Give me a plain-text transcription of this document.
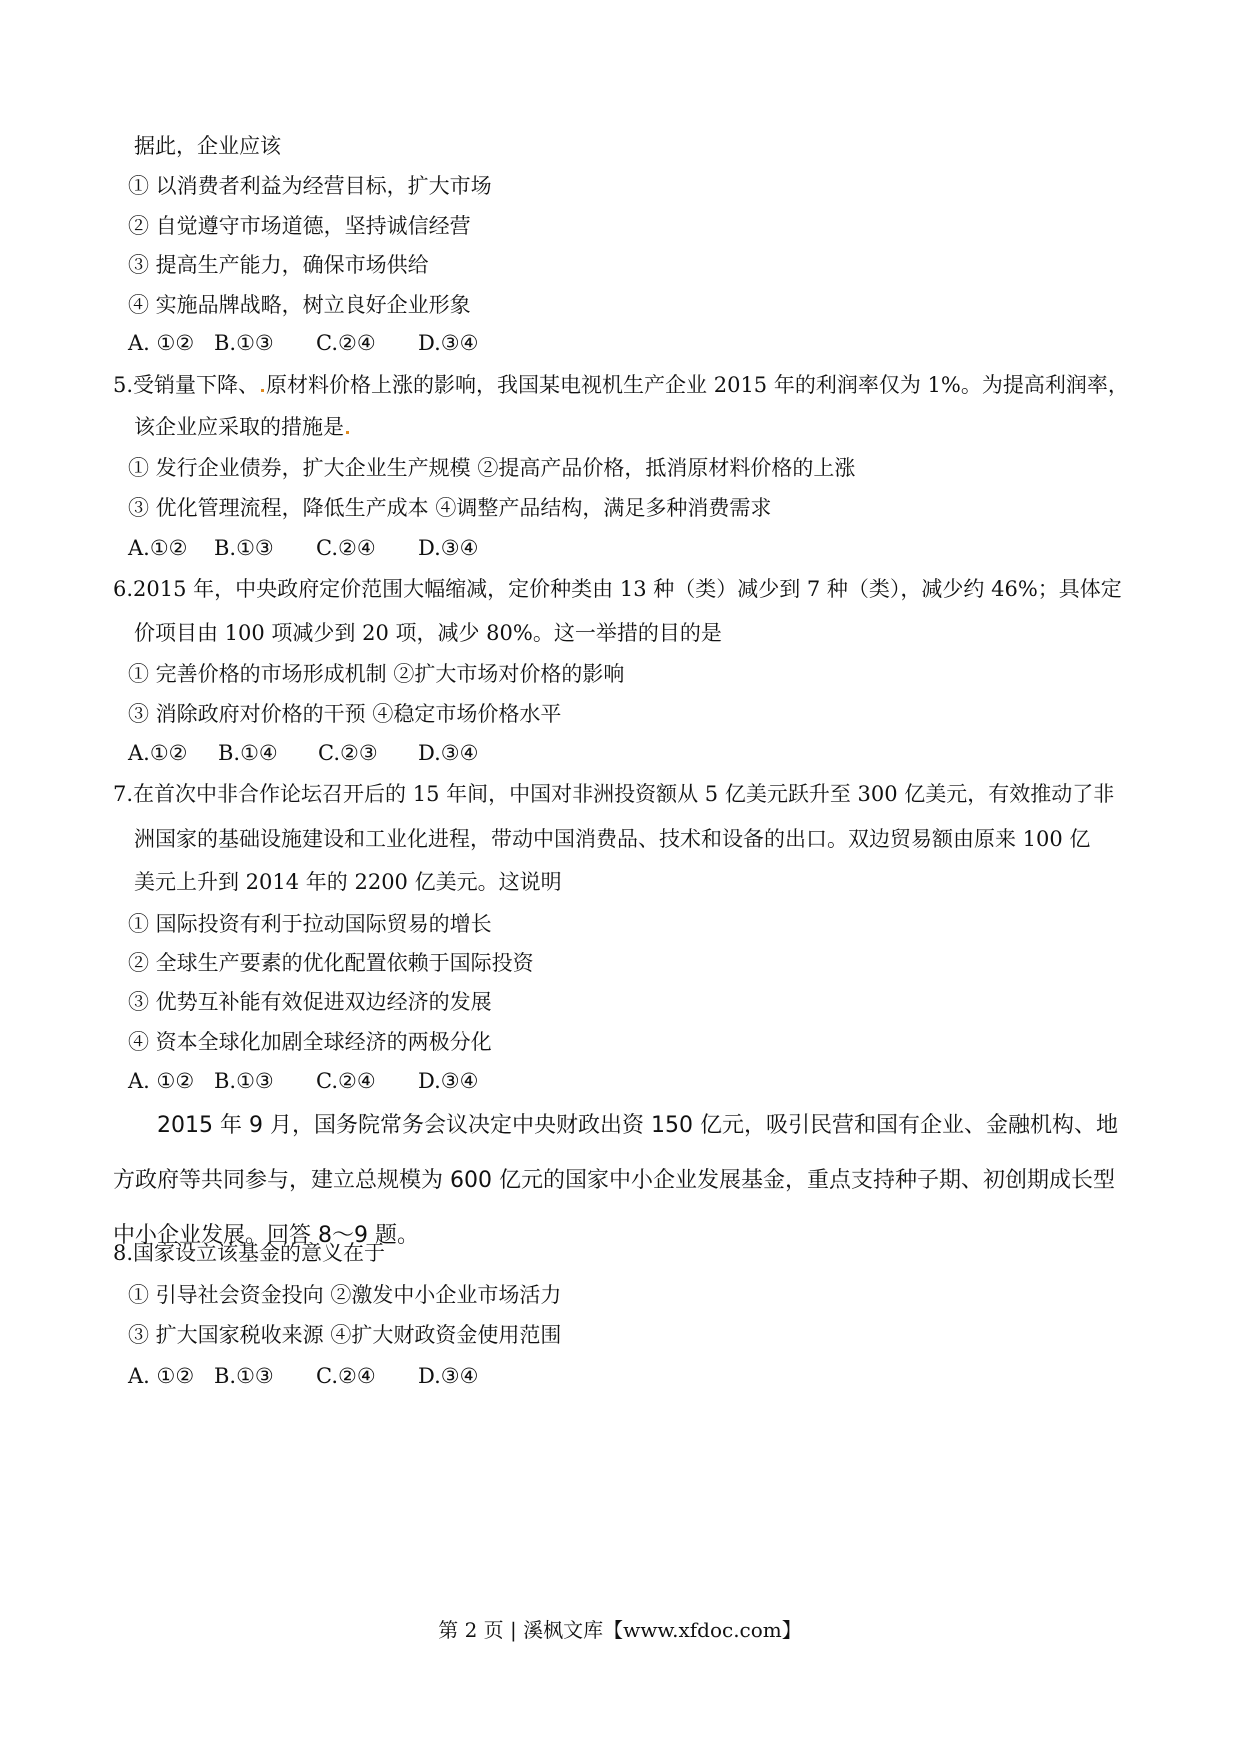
据此，企业应该
① 以消费者利益为经营目标，扩大市场
② 自觉遵守市场道德，坚持诚信经营
③ 提高生产能力，确保市场供给
④ 实施品牌战略，树立良好企业形象
A. ①② B.①③ C.②④ D.③④
5.受销量下降、 原材料价格上涨的影响，我国某电视机生产企业 2015 年的利润率仅为 1%。为提高利润率，
该企业应采取的措施是
① 发行企业债券，扩大企业生产规模 ②提高产品价格，抵消原材料价格的上涨
③ 优化管理流程，降低生产成本 ④调整产品结构，满足多种消费需求
A.①② B.①③ C.②④ D.③④
6.2015 年，中央政府定价范围大幅缩减，定价种类由 13 种（类）减少到 7 种（类），减少约 46%；具体定
价项目由 100 项减少到 20 项，减少 80%。这一举措的目的是
① 完善价格的市场形成机制 ②扩大市场对价格的影响
③ 消除政府对价格的干预 ④稳定市场价格水平
A.①② B.①④ C.②③ D.③④
7.在首次中非合作论坛召开后的 15 年间，中国对非洲投资额从 5 亿美元跃升至 300 亿美元，有效推动了非
洲国家的基础设施建设和工业化进程，带动中国消费品、技术和设备的出口。双边贸易额由原来 100 亿
美元上升到 2014 年的 2200 亿美元。这说明
① 国际投资有利于拉动国际贸易的增长
② 全球生产要素的优化配置依赖于国际投资
③ 优势互补能有效促进双边经济的发展
④ 资本全球化加剧全球经济的两极分化
A. ①② B.①③ C.②④ D.③④
2015 年 9 月，国务院常务会议决定中央财政出资 150 亿元，吸引民营和国有企业、金融机构、地方政府等共同参与，建立总规模为 600 亿元的国家中小企业发展基金，重点支持种子期、初创期成长型中小企业发展。回答 8～9 题。
8.国家设立该基金的意义在于
① 引导社会资金投向 ②激发中小企业市场活力
③ 扩大国家税收来源 ④扩大财政资金使用范围
A. ①② B.①③ C.②④ D.③④
第 2 页 | 溪枫文库【www.xfdoc.com】
